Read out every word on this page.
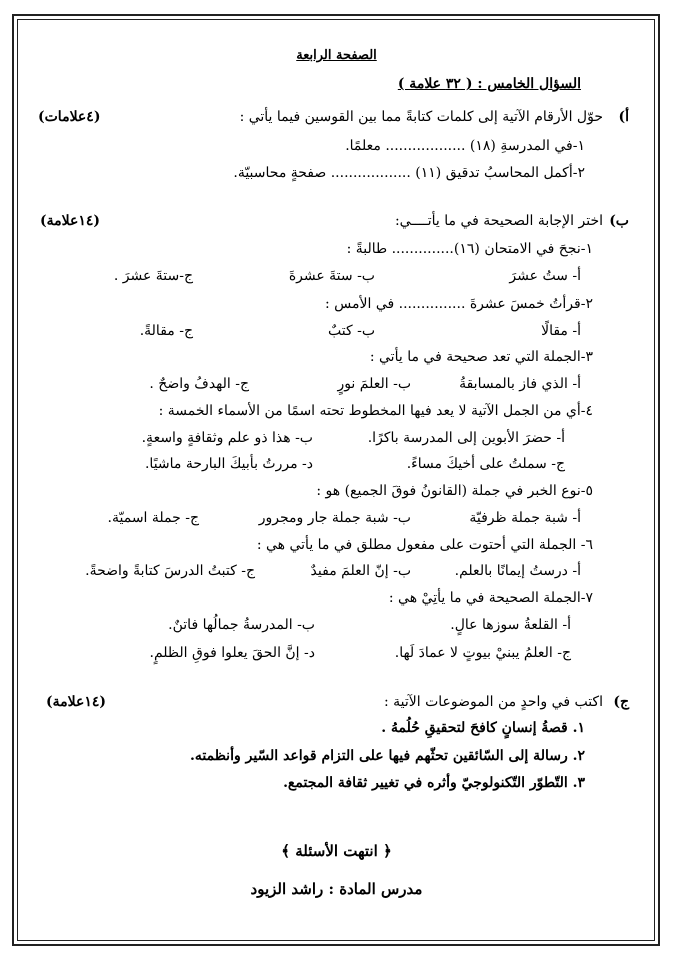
الصفحة الرابعة
السؤال الخامس : ( ٣٢ علامة )
أ)
حوّل الأرقام الآتية إلى كلمات كتابةً مما بين القوسين فيما يأتي :
(٤علامات)
١-في المدرسةِ (١٨) .................. معلمًا.
٢-أكمل المحاسبُ تدقيق (١١) .................. صفحةٍ محاسبيّة.
ب)
اختر الإجابة الصحيحة في ما يأتــــي:
(١٤علامة)
١-نجحَ في الامتحان (١٦).............. طالبةً :
أ- ستُ عشرَ
ب- ستةَ عشرةَ
ج-ستةَ عشرَ .
٢-قرأتُ خمسَ عشرةَ ............... في الأمس :
أ- مقالًا
ب- كتبٌ
ج- مقالةً.
٣-الجملة التي تعد صحيحة في ما يأتي :
أ- الذي فاز بالمسابقةُ
ب- العلمَ نورٍ
ج- الهدفُ واضحٌ .
٤-أي من الجمل الآتية لا يعد فيها المخطوط تحته اسمًا من الأسماء الخمسة :
أ- حضرَ الأبوين إلى المدرسة باكرًا.
ب- هذا ذو علم وثقافةٍ واسعةٍ.
ج- سملتُ على أخيكَ مساءً.
د- مررتُ بأبيكَ البارحة ماشيًا.
٥-نوع الخبر في جملة (القانونُ فوقَ الجميع) هو :
أ- شبة جملة ظرفيّة
ب- شبة جملة جار ومجرور
ج- جملة اسميّة.
٦- الجملة التي أحتوت على مفعول مطلق في ما يأتي هي :
أ- درستُ إيمانًا بالعلم.
ب- إنّ العلمَ مفيدٌ
ج- كتبتُ الدرسَ كتابةً واضحةً.
٧-الجملة الصحيحة في ما يأتِيْ هي :
أ- القلعةُ سوزها عالٍ.
ب- المدرسةُ جمالُها فاتنٌ.
ج- العلمُ يبنيْ بيوتٍ لا عمادَ لَها.
د- إنَّ الحقَ يعلوا فوقِ الظلمٍ.
ج)
اكتب في واحدٍ من الموضوعات الآتية :
(١٤علامة)
١. قصةُ إنسانٍ كافحَ لتحقيقِ حُلُمهُ .
٢. رسالة إلى السّائقين تحثّهم فيها على التزام قواعد السّير وأنظمته.
٣. التّطوّر التّكنولوجيّ وأثره في تغيير ثقافة المجتمع.
﴿ انتهت الأسئلة ﴾
مدرس المادة : راشد الزيود
